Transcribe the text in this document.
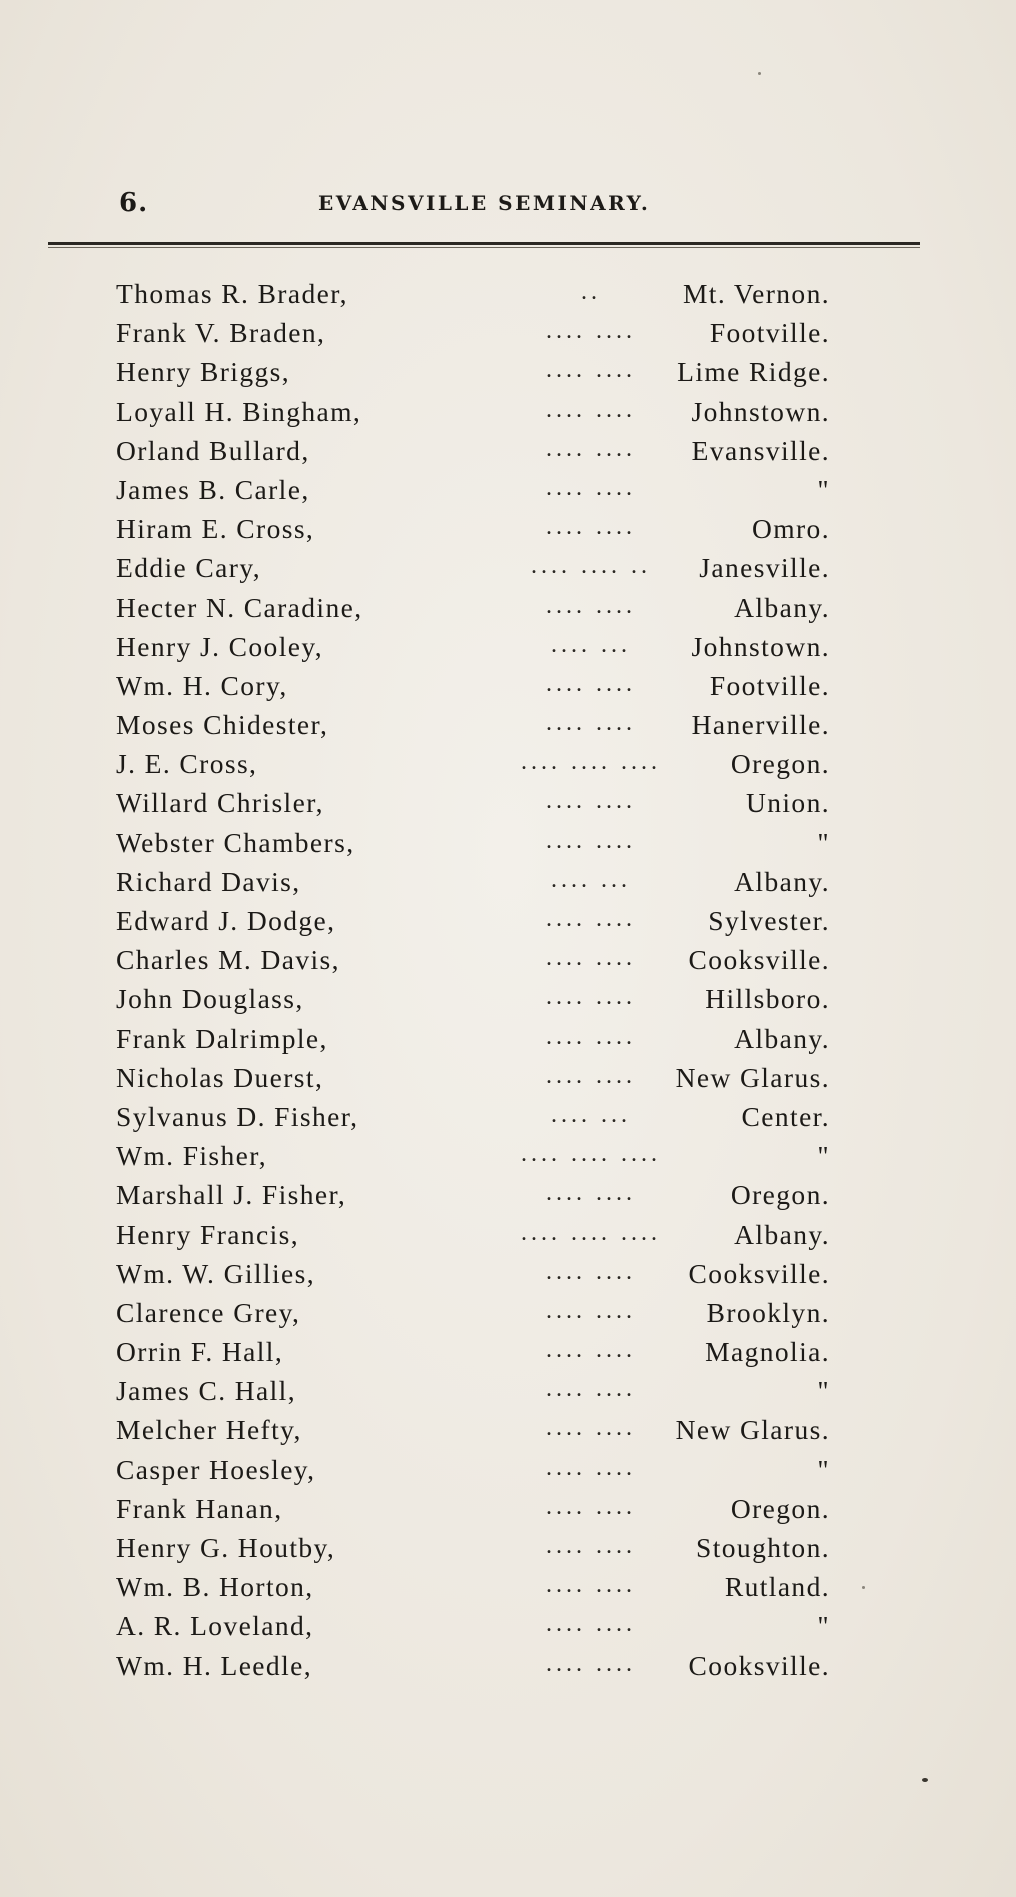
6.	EVANSVILLE SEMINARY.
Thomas R. Brader,	..	Mt. Vernon.
Frank V. Braden,	.... ....	Footville.
Henry Briggs,	.... ....	Lime Ridge.
Loyall H. Bingham,	.... ....	Johnstown.
Orland Bullard,	.... ....	Evansville.
James B. Carle,	.... ....	"
Hiram E. Cross,	.... ....	Omro.
Eddie Cary,	.... .... ..	Janesville.
Hecter N. Caradine,	.... ....	Albany.
Henry J. Cooley,	.... ...	Johnstown.
Wm. H. Cory,	.... ....	Footville.
Moses Chidester,	.... ....	Hanerville.
J. E. Cross,	.... .... ....	Oregon.
Willard Chrisler,	.... ....	Union.
Webster Chambers,	.... ....	"
Richard Davis,	.... ...	Albany.
Edward J. Dodge,	.... ....	Sylvester.
Charles M. Davis,	.... ....	Cooksville.
John Douglass,	.... ....	Hillsboro.
Frank Dalrimple,	.... ....	Albany.
Nicholas Duerst,	.... ....	New Glarus.
Sylvanus D. Fisher,	.... ...	Center.
Wm. Fisher,	.... .... ....	"
Marshall J. Fisher,	.... ....	Oregon.
Henry Francis,	.... .... ....	Albany.
Wm. W. Gillies,	.... ....	Cooksville.
Clarence Grey,	.... ....	Brooklyn.
Orrin F. Hall,	.... ....	Magnolia.
James C. Hall,	.... ....	"
Melcher Hefty,	.... ....	New Glarus.
Casper Hoesley,	.... ....	"
Frank Hanan,	.... ....	Oregon.
Henry G. Houtby,	.... ....	Stoughton.
Wm. B. Horton,	.... ....	Rutland.
A. R. Loveland,	.... ....	"
Wm. H. Leedle,	.... ....	Cooksville.
